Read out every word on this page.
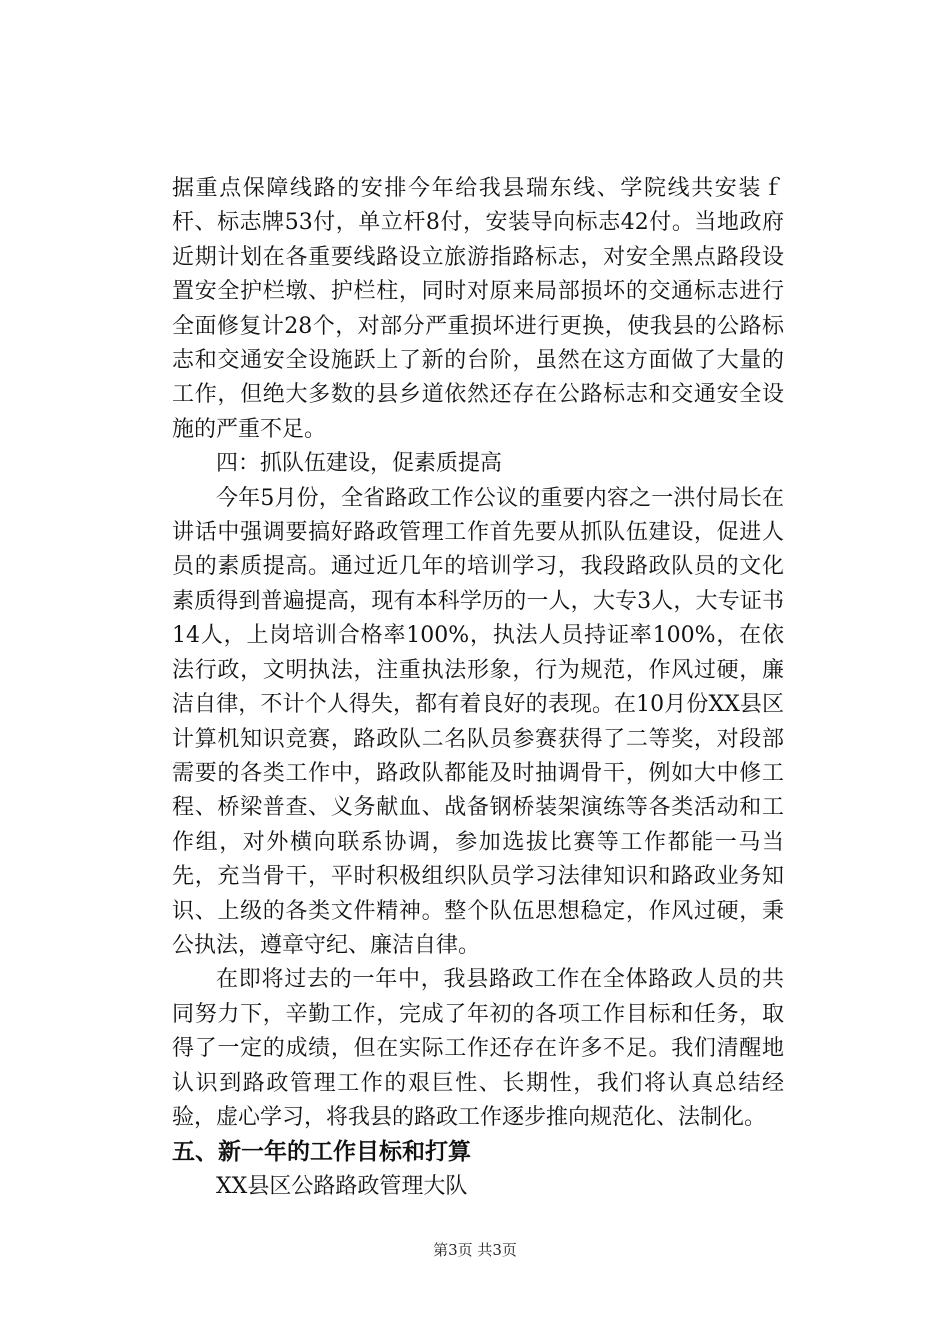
据重点保障线路的安排今年给我县瑞东线、学院线共安装ｆ杆、标志牌53付，单立杆8付，安装导向标志42付。当地政府近期计划在各重要线路设立旅游指路标志，对安全黑点路段设置安全护栏墩、护栏柱，同时对原来局部损坏的交通标志进行全面修复计28个，对部分严重损坏进行更换，使我县的公路标志和交通安全设施跃上了新的台阶，虽然在这方面做了大量的工作，但绝大多数的县乡道依然还存在公路标志和交通安全设施的严重不足。

四：抓队伍建设，促素质提高

今年5月份，全省路政工作公议的重要内容之一洪付局长在讲话中强调要搞好路政管理工作首先要从抓队伍建设，促进人员的素质提高。通过近几年的培训学习，我段路政队员的文化素质得到普遍提高，现有本科学历的一人，大专3人，大专证书14人，上岗培训合格率100%，执法人员持证率100%，在依法行政，文明执法，注重执法形象，行为规范，作风过硬，廉洁自律，不计个人得失，都有着良好的表现。在10月份XX县区计算机知识竞赛，路政队二名队员参赛获得了二等奖，对段部需要的各类工作中，路政队都能及时抽调骨干，例如大中修工程、桥梁普查、义务献血、战备钢桥装架演练等各类活动和工作组，对外横向联系协调，参加选拔比赛等工作都能一马当先，充当骨干，平时积极组织队员学习法律知识和路政业务知识、上级的各类文件精神。整个队伍思想稳定，作风过硬，秉公执法，遵章守纪、廉洁自律。

在即将过去的一年中，我县路政工作在全体路政人员的共同努力下，辛勤工作，完成了年初的各项工作目标和任务，取得了一定的成绩，但在实际工作还存在许多不足。我们清醒地认识到路政管理工作的艰巨性、长期性，我们将认真总结经验，虚心学习，将我县的路政工作逐步推向规范化、法制化。

五、新一年的工作目标和打算

XX县区公路路政管理大队

第3页 共3页
